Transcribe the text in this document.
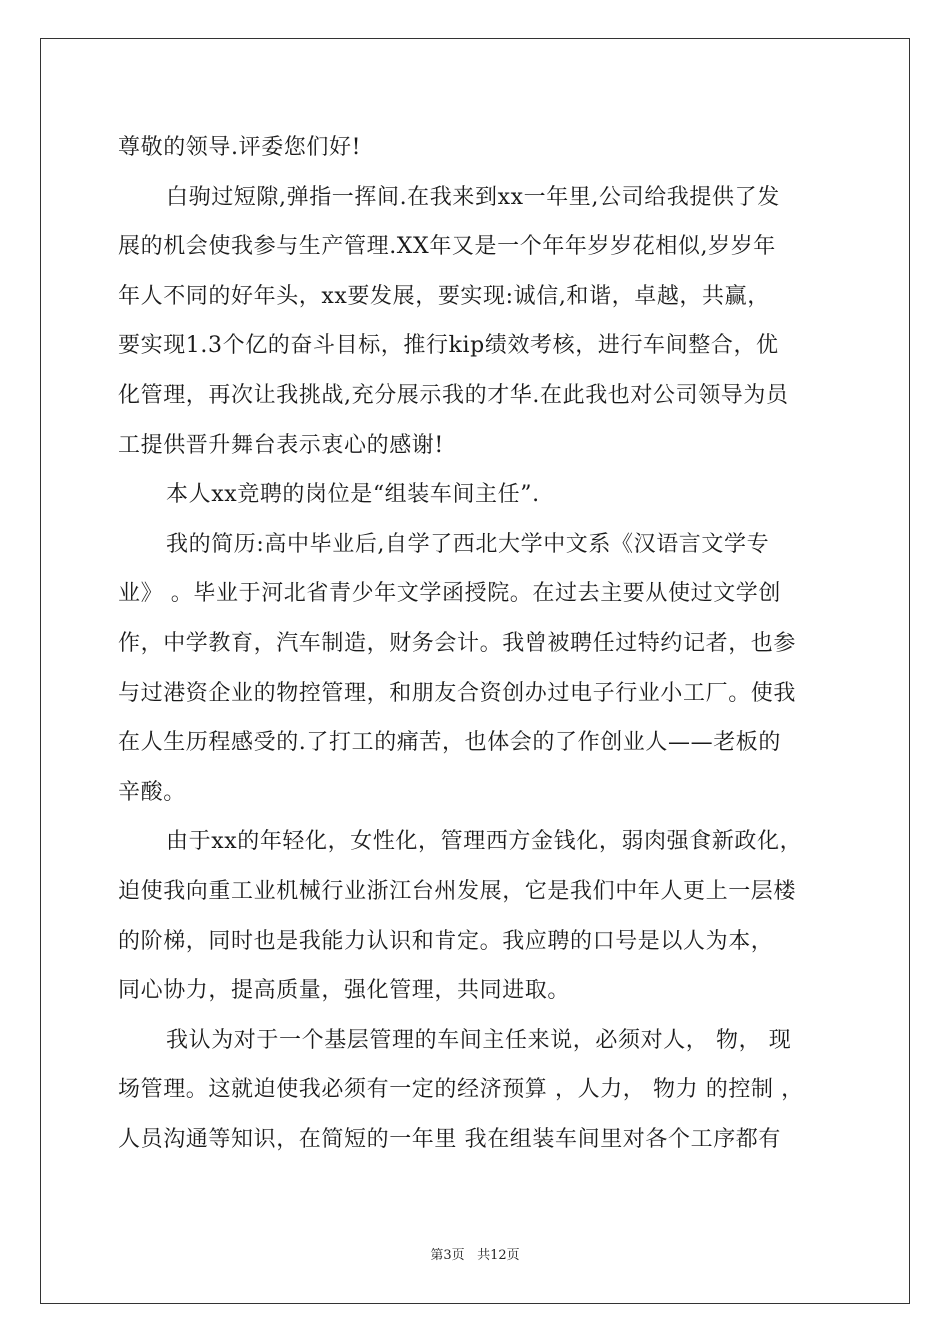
尊敬的领导.评委您们好!
白驹过短隙,弹指一挥间.在我来到xx一年里,公司给我提供了发
展的机会使我参与生产管理.XX年又是一个年年岁岁花相似,岁岁年
年人不同的好年头，xx要发展，要实现:诚信,和谐，卓越，共赢，
要实现1.3个亿的奋斗目标，推行kip绩效考核，进行车间整合，优
化管理，再次让我挑战,充分展示我的才华.在此我也对公司领导为员
工提供晋升舞台表示衷心的感谢!
本人xx竞聘的岗位是“组装车间主任”.
我的简历:高中毕业后,自学了西北大学中文系《汉语言文学专
业》 。毕业于河北省青少年文学函授院。在过去主要从使过文学创
作，中学教育，汽车制造，财务会计。我曾被聘任过特约记者，也参
与过港资企业的物控管理，和朋友合资创办过电子行业小工厂。使我
在人生历程感受的.了打工的痛苦，也体会的了作创业人——老板的
辛酸。
由于xx的年轻化，女性化，管理西方金钱化，弱肉强食新政化，
迫使我向重工业机械行业浙江台州发展，它是我们中年人更上一层楼
的阶梯，同时也是我能力认识和肯定。我应聘的口号是以人为本，
同心协力，提高质量，强化管理，共同进取。
我认为对于一个基层管理的车间主任来说，必须对人， 物， 现
场管理。这就迫使我必须有一定的经济预算 ，人力， 物力 的控制 ，
人员沟通等知识，在简短的一年里 我在组装车间里对各个工序都有
第3页 共12页
